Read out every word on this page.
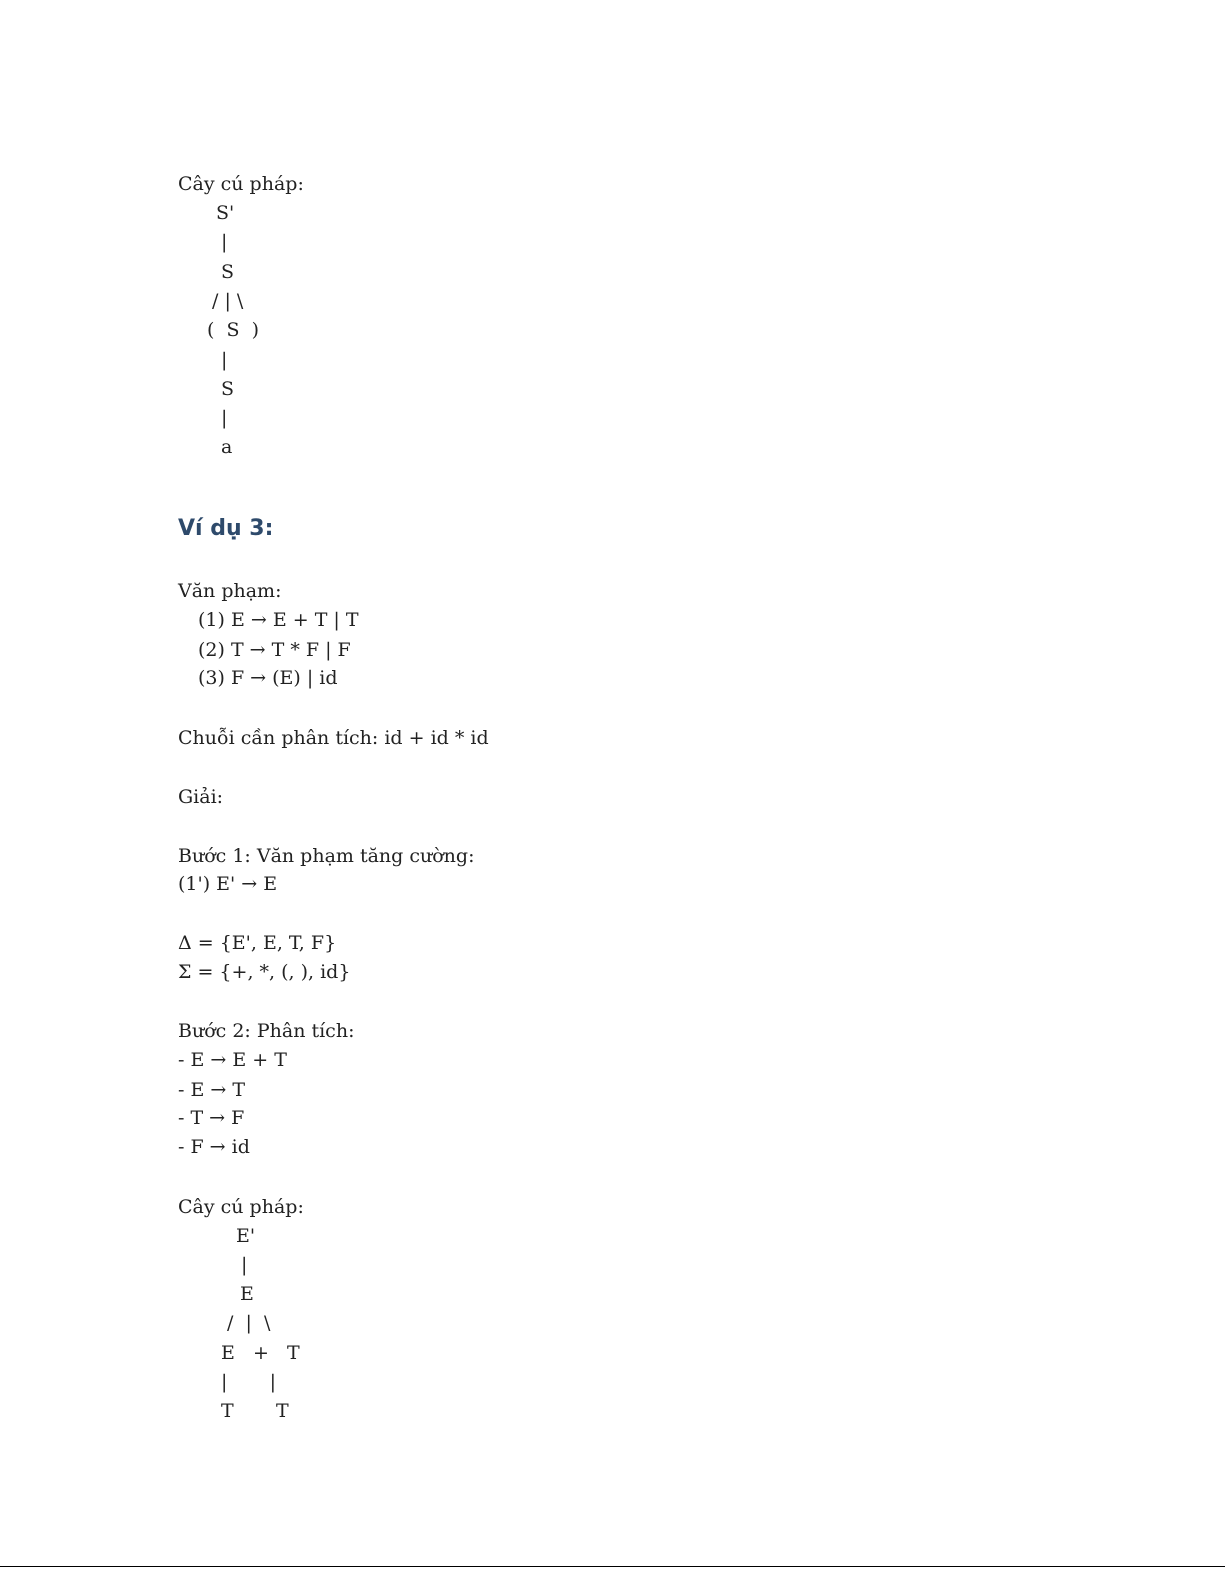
Cây cú pháp:
S'
|
S
/ | \
(  S  )
|
S
|
a
Ví dụ 3:
Văn phạm:
(1) E → E + T | T
(2) T → T * F | F
(3) F → (E) | id
Chuỗi cần phân tích: id + id * id
Giải:
Bước 1: Văn phạm tăng cường:
(1') E' → E
Δ = {E', E, T, F}
Σ = {+, *, (, ), id}
Bước 2: Phân tích:
- E → E + T
- E → T
- T → F
- F → id
Cây cú pháp:
E'
|
E
/  |  \
E   +   T
|       |
T       T
